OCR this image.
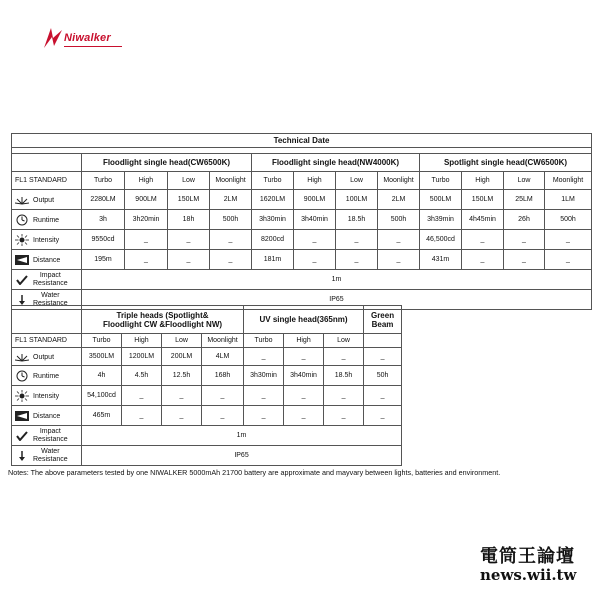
Niwalker
Technical Date												

	Floodlight single head(CW6500K)				Floodlight single head(NW4000K)				Spotlight single head(CW6500K)			
FL1 STANDARD	Turbo	High	Low	Moonlight	Turbo	High	Low	Moonlight	Turbo	High	Low	Moonlight
Output	2280LM	900LM	150LM	2LM	1620LM	900LM	100LM	2LM	500LM	150LM	25LM	1LM
Runtime	3h	3h20min	18h	500h	3h30min	3h40min	18.5h	500h	3h39min	4h45min	26h	500h
Intensity	9550cd	_	_	_	8200cd	_	_	_	46,500cd	_	_	_
Distance	195m	_	_	_	181m	_	_	_	431m	_	_	_
Impact
Resistance	1m											
Water
Resistance	IP65											
	Triple heads (Spotlight&
Floodlight CW &Floodlight NW)				UV single head(365nm)			Green
Beam
FL1 STANDARD	Turbo	High	Low	Moonlight	Turbo	High	Low	
Output	3500LM	1200LM	200LM	4LM	_	_	_	_
Runtime	4h	4.5h	12.5h	168h	3h30min	3h40min	18.5h	50h
Intensity	54,100cd	_	_	_	_	_	_	_
Distance	465m	_	_	_	_	_	_	_
Impact
Resistance	1m							
Water
Resistance	IP65							
Notes: The above parameters tested by one NIWALKER 5000mAh 21700 battery are approximate and mayvary between lights, batteries and environment.
電筒王論壇
news.wii.tw
